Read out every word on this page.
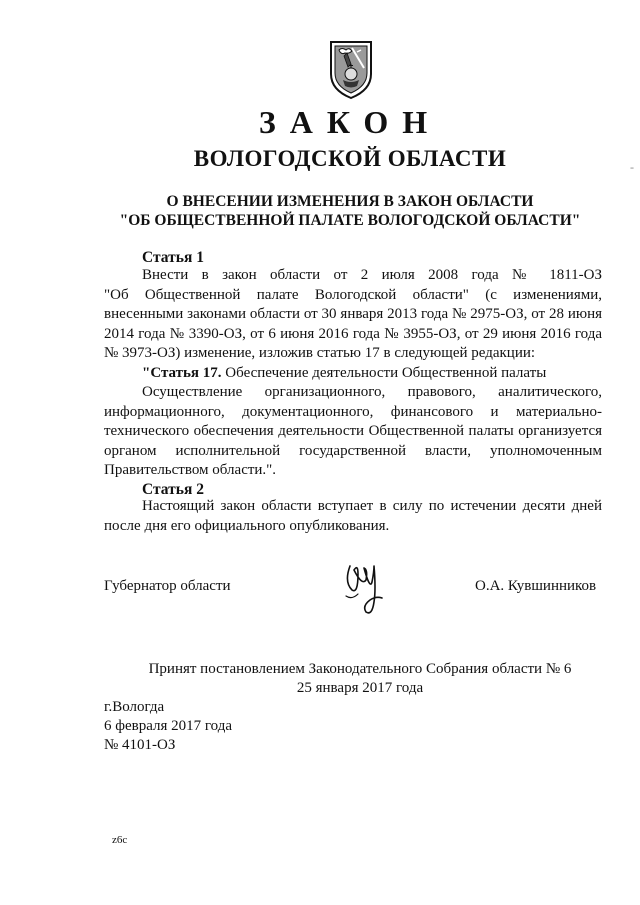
ЗАКОН
ВОЛОГОДСКОЙ ОБЛАСТИ
О ВНЕСЕНИИ ИЗМЕНЕНИЯ В ЗАКОН ОБЛАСТИ
"ОБ ОБЩЕСТВЕННОЙ ПАЛАТЕ ВОЛОГОДСКОЙ ОБЛАСТИ"
Статья 1
Внести в закон области от 2 июля 2008 года № 1811-ОЗ
"Об Общественной палате Вологодской области" (с изменениями,
внесенными законами области от 30 января 2013 года № 2975-ОЗ, от 28 июня
2014 года № 3390-ОЗ, от 6 июня 2016 года № 3955-ОЗ, от 29 июня 2016 года
№ 3973-ОЗ) изменение, изложив статью 17 в следующей редакции:
"Статья 17. Обеспечение деятельности Общественной палаты
Осуществление организационного, правового, аналитического,
информационного, документационного, финансового и материально-
технического обеспечения деятельности Общественной палаты организуется
органом исполнительной государственной власти, уполномоченным
Правительством области.".
Статья 2
Настоящий закон области вступает в силу по истечении десяти дней
после дня его официального опубликования.
Губернатор области	О.А. Кувшинников
Принят постановлением Законодательного Собрания области № 6
25 января 2017 года
г.Вологда
6 февраля 2017 года
№ 4101-ОЗ
z6c
-
